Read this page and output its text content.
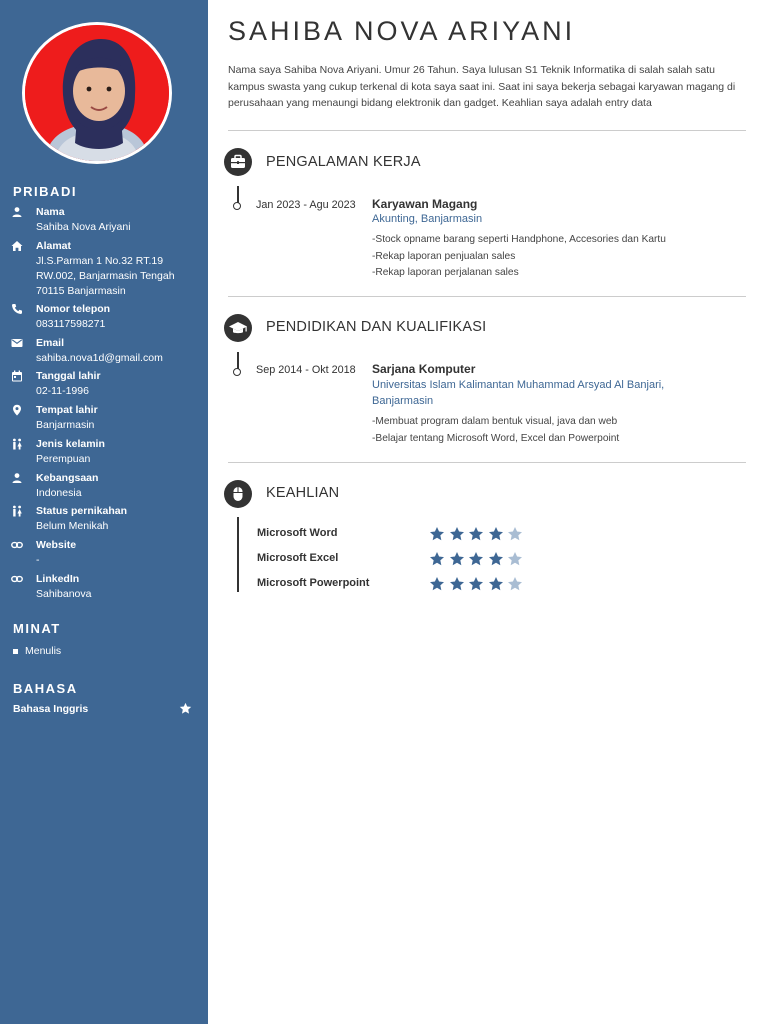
PRIBADI
Nama
Sahiba Nova Ariyani
Alamat
Jl.S.Parman 1 No.32 RT.19 RW.002, Banjarmasin Tengah 70115 Banjarmasin
Nomor telepon
083117598271
Email
sahiba.nova1d@gmail.com
Tanggal lahir
02-11-1996
Tempat lahir
Banjarmasin
Jenis kelamin
Perempuan
Kebangsaan
Indonesia
Status pernikahan
Belum Menikah
Website
-
LinkedIn
Sahibanova
MINAT
Menulis
BAHASA
Bahasa Inggris
SAHIBA NOVA ARIYANI

Nama saya Sahiba Nova Ariyani. Umur 26 Tahun. Saya lulusan S1 Teknik Informatika di salah salah satu kampus swasta yang cukup terkenal di kota saya saat ini. Saat ini saya bekerja sebagai karyawan magang di perusahaan yang menaungi bidang elektronik dan gadget. Keahlian saya adalah entry data

PENGALAMAN KERJA
Jan 2023 - Agu 2023 Karyawan Magang
Akunting, Banjarmasin
-Stock opname barang seperti Handphone, Accesories dan Kartu
-Rekap laporan penjualan sales
-Rekap laporan perjalanan sales
PENDIDIKAN DAN KUALIFIKASI
Sep 2014 - Okt 2018 Sarjana Komputer
Universitas Islam Kalimantan Muhammad Arsyad Al Banjari, Banjarmasin
-Membuat program dalam bentuk visual, java dan web
-Belajar tentang Microsoft Word, Excel dan Powerpoint
KEAHLIAN
Microsoft Word
Microsoft Excel
Microsoft Powerpoint
